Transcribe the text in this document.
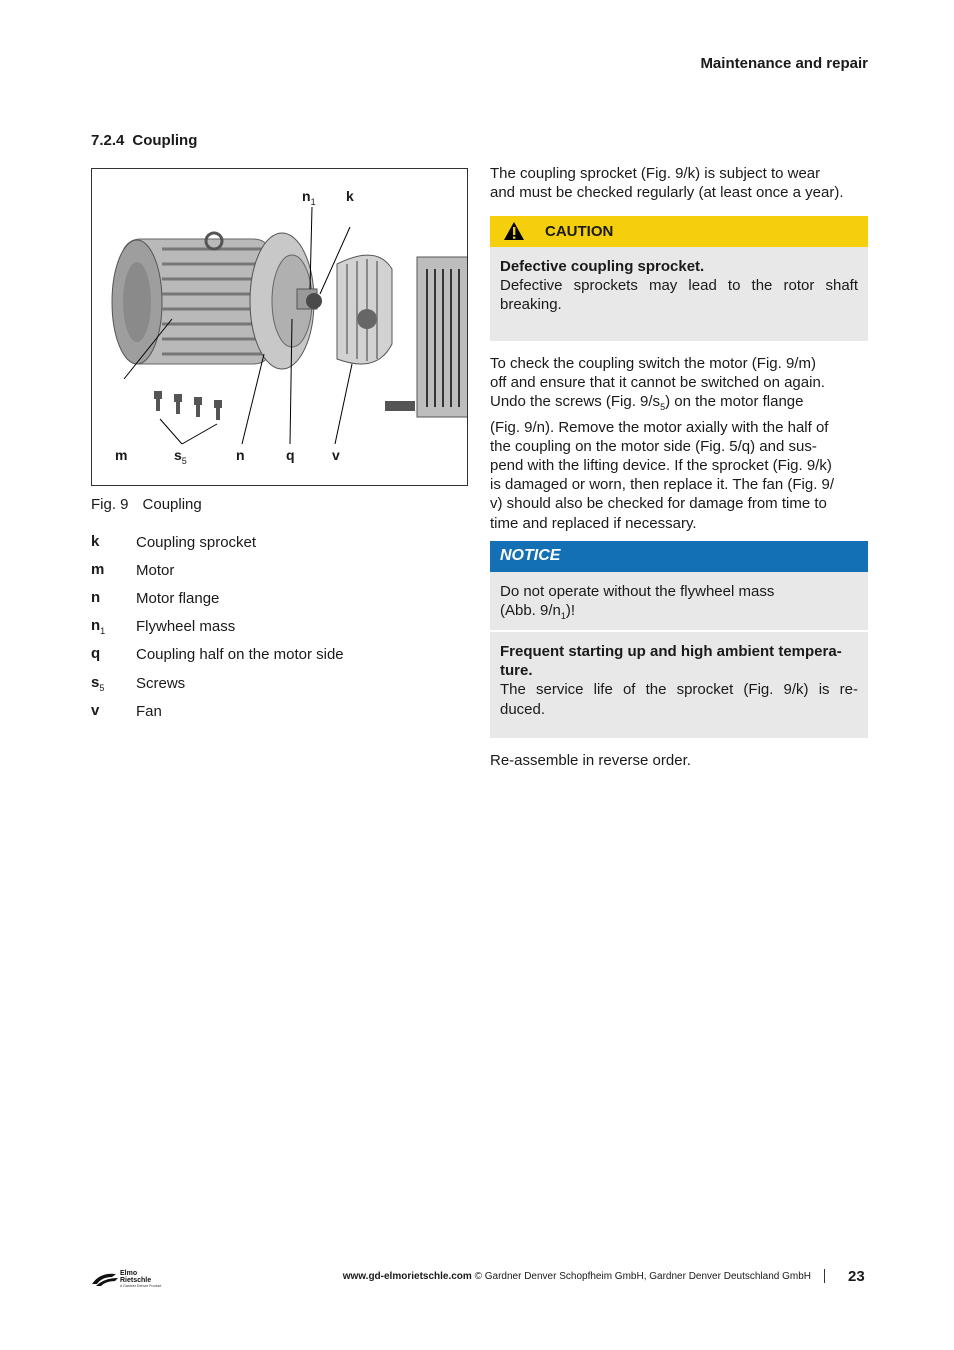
Maintenance and repair
7.2.4 Coupling
$n_1$ k
m	$s_5$	n	q	v
Fig. 9 Coupling
k	Coupling sprocket
m	Motor
n	Motor flange
$n_1$	Flywheel mass
q	Coupling half on the motor side
$s_5$	Screws
v	Fan
The coupling sprocket (Fig. 9/k) is subject to wear
and must be checked regularly (at least once a year).
CAUTION
Defective coupling sprocket.
Defective sprockets may lead to the rotor shaft breaking.
To check the coupling switch the motor (Fig. 9/m)
off and ensure that it cannot be switched on again.
Undo the screws (Fig. $9/s_5$) on the motor flange
(Fig. 9/n). Remove the motor axially with the half of
the coupling on the motor side (Fig. 5/q) and sus-
pend with the lifting device. If the sprocket (Fig. 9/k)
is damaged or worn, then replace it. The fan (Fig. 9/
v) should also be checked for damage from time to
time and replaced if necessary.
NOTICE
Do not operate without the flywheel mass
(Abb. $9/n_1$)!
Frequent starting up and high ambient tempera-
ture.
The service life of the sprocket (Fig. 9/k) is re-
duced.
Re-assemble in reverse order.
Elmo
Rietschle
A Gardner Denver Product
www.gd-elmorietschle.com © Gardner Denver Schopfheim GmbH, Gardner Denver Deutschland GmbH 23
